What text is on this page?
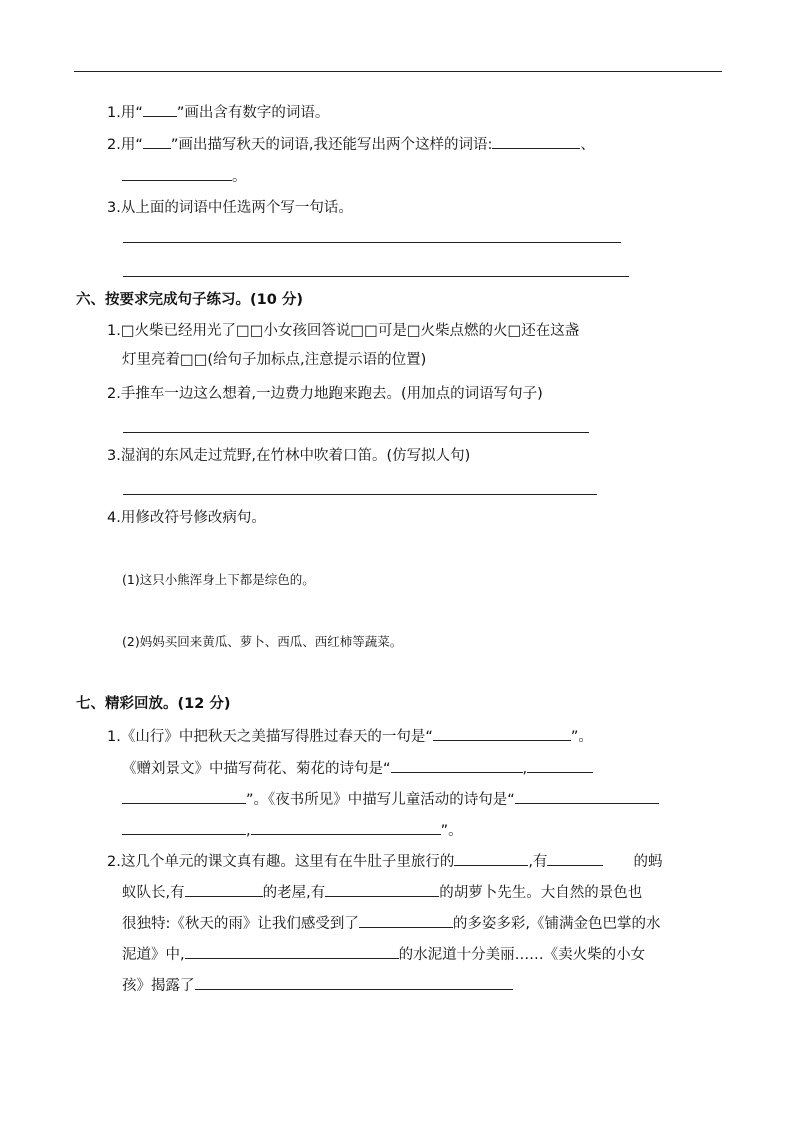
1.用“ ”画出含有数字的词语。
2.用“ ”画出描写秋天的词语,我还能写出两个这样的词语:	、
。
3.从上面的词语中任选两个写一句话。
六、按要求完成句子练习。(10 分)
1.□火柴已经用光了□□小女孩回答说□□可是□火柴点燃的火□还在这盏
灯里亮着□□(给句子加标点,注意提示语的位置)
2.手推车一边这么想着,一边费力地跑来跑去。(用加点的词语写句子)
3.湿润的东风走过荒野,在竹林中吹着口笛。(仿写拟人句)
4.用修改符号修改病句。
(1)这只小熊浑身上下都是综色的。
(2)妈妈买回来黄瓜、萝卜、西瓜、西红柿等蔬菜。
七、精彩回放。(12 分)
1.《山行》中把秋天之美描写得胜过春天的一句是“	”。
《赠刘景文》中描写荷花、菊花的诗句是“	,
”。《夜书所见》中描写儿童活动的诗句是“
,	”。
2.这几个单元的课文真有趣。这里有在牛肚子里旅行的	,有	的蚂
蚁队长,有	的老屋,有	的胡萝卜先生。大自然的景色也
很独特:《秋天的雨》让我们感受到了	的多姿多彩,《铺满金色巴掌的水
泥道》中,	的水泥道十分美丽……《卖火柴的小女
孩》揭露了
